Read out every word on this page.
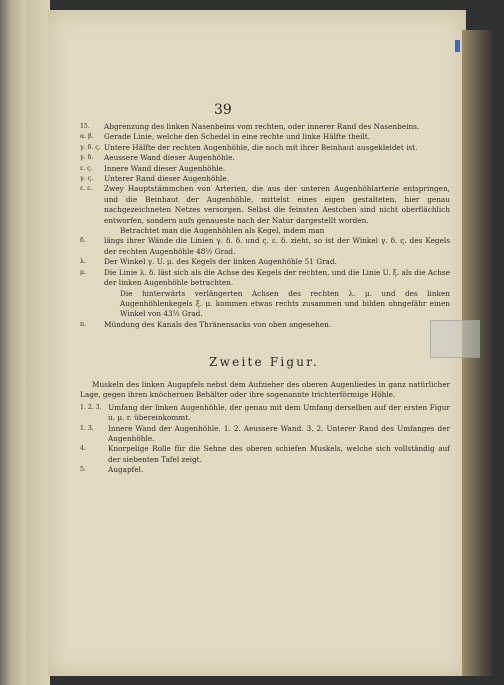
39
15.	Abgrenzung des linken Nasenbeins vom rechten, oder innerer Rand des Nasenbeins.
α. β.	Gerade Linie, welche den Schedel in eine rechte und linke Hälfte theilt.
γ. δ. ς. Untere Hälfte der rechten Augenhöhle, die noch mit ihrer Beinhaut ausgekleidet ist.
γ. δ.	Aeussere Wand dieser Augenhöhle.
ε. ς.	Innere Wand dieser Augenhöhle.
γ. ς.	Unterer Rand dieser Augenhöhle.
ε. ε.	Zwey Hauptstämmchen von Arterien, die aus der unteren Augenhöhlarterie entspringen, und die Beinhaut der Augenhöhle, mittelst eines eigen gestalteten, hier genau nachgezeichneten Netzes versorgen. Selbst die feinsten Aestchen sind nicht oberflächlich entworfen, sondern aufs genaueste nach der Natur dargestellt worden.
Betrachtet man die Augenhöhlen als Kegel, indem man
δ.	längs ihrer Wände die Linien γ. δ. δ. und ς. ε. δ. zieht, so ist der Winkel γ. δ. ς. des Kegels der rechten Augenhöhle 48½ Grad.
λ.	Der Winkel γ. U. μ. des Kegels der linken Augenhöhle 51 Grad.
μ.	Die Linie λ. δ. läst sich als die Achse des Kegels der rechten, und die Linie U. ξ. als die Achse der linken Augenhöhle betrachten.
Die hinterwärts verlängerten Achsen des rechten λ. μ. und des linken Augenhöhlenkegels ξ. μ. kommen etwas rechts zusammen und bilden ohngefähr einen Winkel von 43½ Grad.
π.	Mündung des Kanals des Thränensacks von oben angesehen.
Zweite Figur.
Muskeln des linken Augapfels nebst dem Aufzieher des oberen Augenliedes in ganz natürlicher Lage, gegen ihren knöchernen Behälter oder ihre sogenannte trichterförmige Höhle.
1. 2. 3. Umfang der linken Augenhöhle, der genau mit dem Umfang derselben auf der ersten Figur u. μ. r. übereinkommt.
1. 3.	Innere Wand der Augenhöhle. 1. 2. Aeussere Wand. 3. 2. Unterer Rand des Umfanges der Augenhöhle.
4.	Knorpelige Rolle für die Sehne des oberen schiefen Muskels, welche sich vollständig auf der siebenten Tafel zeigt.
5.	Augapfel.
